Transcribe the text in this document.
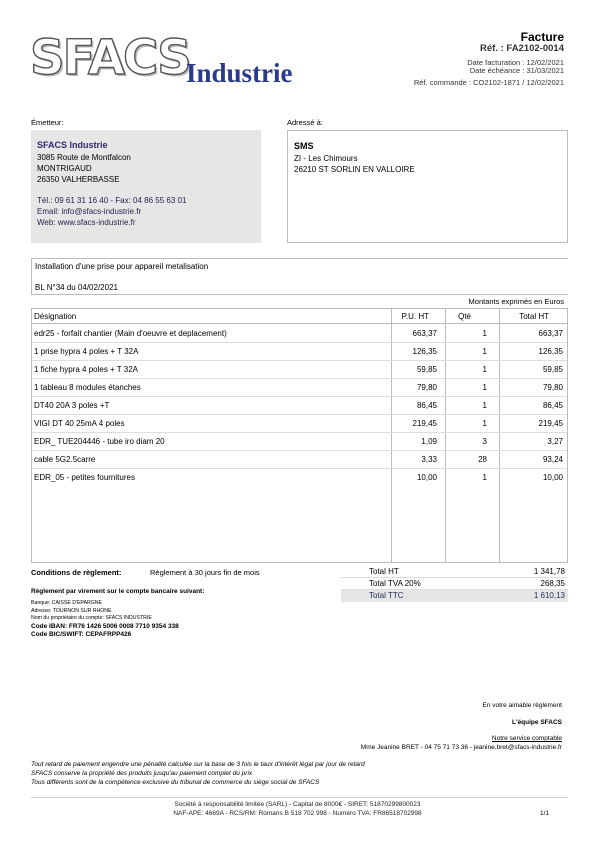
SFACS
Industrie
Facture
Réf. : FA2102-0014
Date facturation : 12/02/2021
Date échéance : 31/03/2021
Réf. commande : CO2102-1871 / 12/02/2021
Émetteur:
SFACS Industrie
3085 Route de Montfalcon
MONTRIGAUD
26350 VALHERBASSE
Tél.: 09 61 31 16 40 - Fax: 04 86 55 63 01
Email: info@sfacs-industrie.fr
Web: www.sfacs-industrie.fr
Adressé à:
SMS
ZI - Les Chimours
26210 ST SORLIN EN VALLOIRE
Installation d'une prise pour appareil metalisation
BL N°34 du 04/02/2021
Montants exprimés en Euros
Désignation	P.U. HT	Qté	Total HT
edr25 - forfait chantier (Main d'oeuvre et deplacement)	663,37	1	663,37
1 prise hypra 4 poles + T 32A	126,35	1	126,35
1 fiche hypra 4 poles + T 32A	59,85	1	59,85
1 tableau 8 modules étanches	79,80	1	79,80
DT40 20A 3 poles +T	86,45	1	86,45
VIGI DT 40 25mA 4 poles	219,45	1	219,45
EDR_ TUE204446 - tube iro diam 20	1,09	3	3,27
cable 5G2.5carre	3,33	28	93,24
EDR_05 - petites fournitures	10,00	1	10,00
Conditions de règlement:	Règlement à 30 jours fin de mois
Règlement par virement sur le compte bancaire suivant:
Banque: CAISSE D'EPARGNE
Adresse: TOURNON SUR RHONE
Nom du propriétaire du compte: SFACS INDUSTRIE
Code IBAN: FR76 1426 5006 0008 7710 9354 338
Code BIC/SWIFT: CEPAFRPP426
Total HT	1 341,78
Total TVA 20%	268,35
Total TTC	1 610,13
En votre aimable règlement
L'équipe SFACS
Notre service comptable
Mme Jeanine BRET - 04 75 71 73 36 - jeanine.bret@sfacs-industrie.fr
Tout retard de paiement engendre une pénalité calculée sur la base de 3 fois le taux d'intérêt légal par jour de retard
SFACS conserve la propriété des produits jusqu'au paiement complet du prix
Tous différents sont de la compétence exclusive du tribunal de commerce du siège social de SFACS
Société à responsabilité limitée (SARL) - Capital de 8000€ - SIRET: 51870299800023
NAF-APE: 4669A - RCS/RM: Romans B 518 702 998 - Numéro TVA: FR86518702998	1/1
